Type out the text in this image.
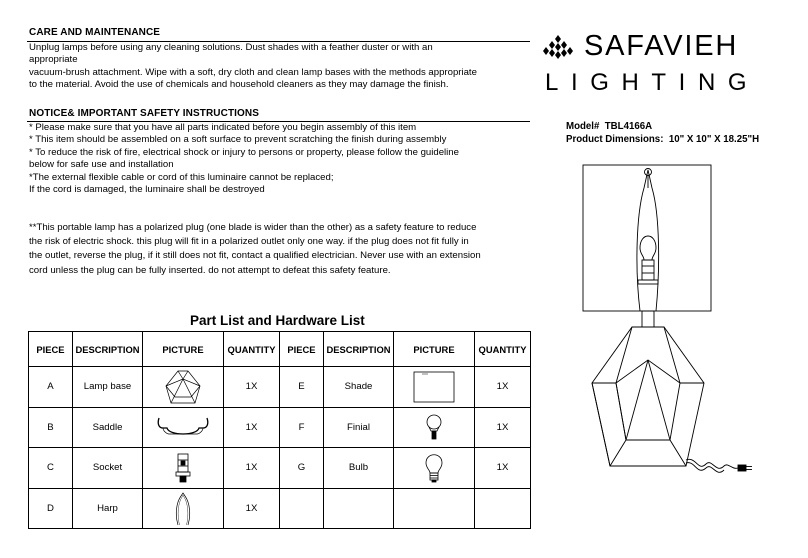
CARE AND MAINTENANCE
Unplug lamps before using any cleaning solutions. Dust shades with a feather duster or with an
appropriate
vacuum-brush attachment. Wipe with a soft, dry cloth and clean lamp bases with the methods appropriate
to the material. Avoid the use of chemicals and household cleaners as they may damage the finish.
NOTICE& IMPORTANT SAFETY INSTRUCTIONS
* Please make sure that you have all parts indicated before you begin assembly of this item
* This item should be assembled on a soft surface to prevent scratching the finish during assembly
* To reduce the risk of fire, electrical shock or injury to persons or property, please follow the guideline
below for safe use and installation
*The external flexible cable or cord of this luminaire cannot be replaced;
If the cord is damaged, the luminaire shall be destroyed
**This portable lamp has a polarized plug (one blade is wider than the other) as a safety feature to reduce
the risk of electric shock. this plug will fit in a polarized outlet only one way. if the plug does not fit fully in
the outlet, reverse the plug, if it still does not fit, contact a qualified electrician. Never use with an extension
cord unless the plug can be fully inserted. do not attempt to defeat this safety feature.
SAFAVIEH
LIGHTING
Model# TBL4166A
Product Dimensions: 10" X 10" X 18.25"H
Part List and Hardware List
PIECE	DESCRIPTION	PICTURE	QUANTITY	PIECE	DESCRIPTION	PICTURE	QUANTITY
A	Lamp base		1X	E	Shade		1X
B	Saddle		1X	F	Finial		1X
C	Socket		1X	G	Bulb		1X
D	Harp		1X				
